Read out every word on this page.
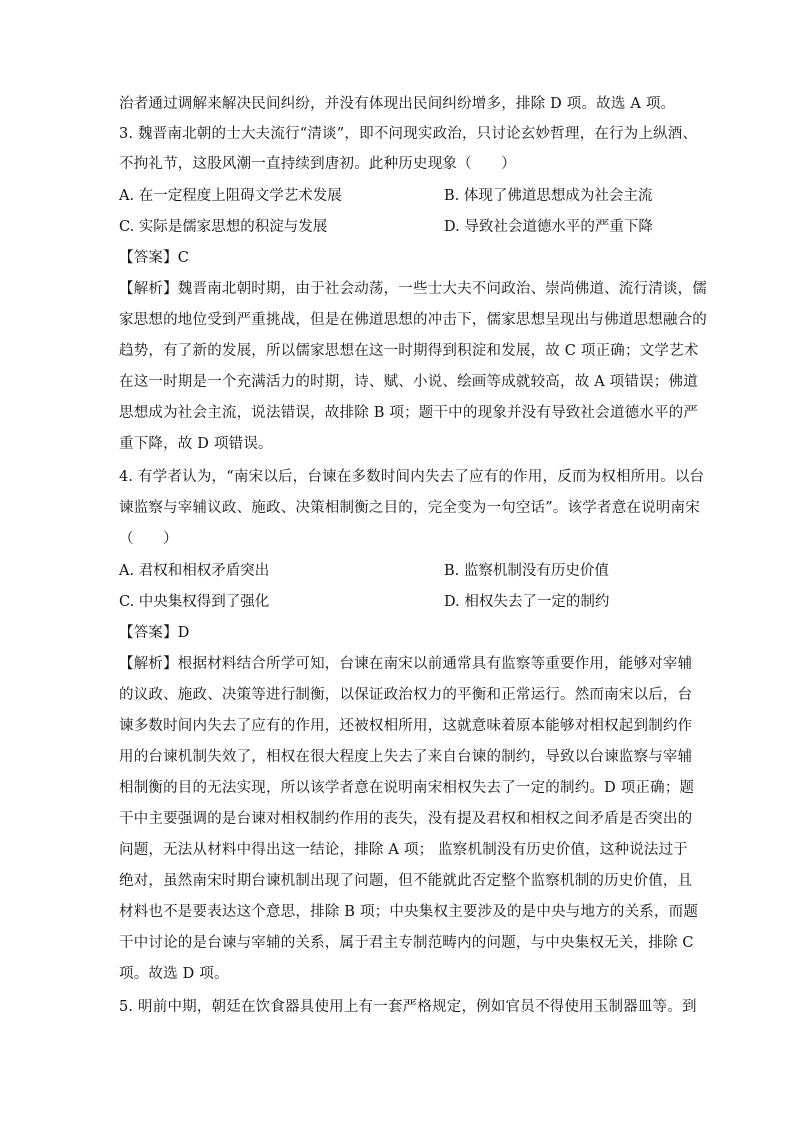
治者通过调解来解决民间纠纷，并没有体现出民间纠纷增多，排除 D 项。故选 A 项。
3. 魏晋南北朝的士大夫流行“清谈”，即不问现实政治，只讨论玄妙哲理，在行为上纵酒、
不拘礼节，这股风潮一直持续到唐初。此种历史现象（　　）
A. 在一定程度上阻碍文学艺术发展	B. 体现了佛道思想成为社会主流
C. 实际是儒家思想的积淀与发展	D. 导致社会道德水平的严重下降
【答案】C
【解析】魏晋南北朝时期，由于社会动荡，一些士大夫不问政治、崇尚佛道、流行清谈，儒
家思想的地位受到严重挑战，但是在佛道思想的冲击下，儒家思想呈现出与佛道思想融合的
趋势，有了新的发展，所以儒家思想在这一时期得到积淀和发展，故 C 项正确；文学艺术
在这一时期是一个充满活力的时期，诗、赋、小说、绘画等成就较高，故 A 项错误；佛道
思想成为社会主流，说法错误，故排除 B 项；题干中的现象并没有导致社会道德水平的严
重下降，故 D 项错误。
4. 有学者认为，“南宋以后，台谏在多数时间内失去了应有的作用，反而为权相所用。以台
谏监察与宰辅议政、施政、决策相制衡之目的，完全变为一句空话”。该学者意在说明南宋
（　　）
A. 君权和相权矛盾突出	B. 监察机制没有历史价值
C. 中央集权得到了强化	D. 相权失去了一定的制约
【答案】D
【解析】根据材料结合所学可知，台谏在南宋以前通常具有监察等重要作用，能够对宰辅
的议政、施政、决策等进行制衡，以保证政治权力的平衡和正常运行。然而南宋以后，台
谏多数时间内失去了应有的作用，还被权相所用，这就意味着原本能够对相权起到制约作
用的台谏机制失效了，相权在很大程度上失去了来自台谏的制约，导致以台谏监察与宰辅
相制衡的目的无法实现，所以该学者意在说明南宋相权失去了一定的制约。D 项正确；题
干中主要强调的是台谏对相权制约作用的丧失，没有提及君权和相权之间矛盾是否突出的
问题，无法从材料中得出这一结论，排除 A 项； 监察机制没有历史价值，这种说法过于
绝对，虽然南宋时期台谏机制出现了问题，但不能就此否定整个监察机制的历史价值，且
材料也不是要表达这个意思，排除 B 项；中央集权主要涉及的是中央与地方的关系，而题
干中讨论的是台谏与宰辅的关系，属于君主专制范畴内的问题，与中央集权无关，排除 C
项。故选 D 项。
5. 明前中期，朝廷在饮食器具使用上有一套严格规定，例如官员不得使用玉制器皿等。到
